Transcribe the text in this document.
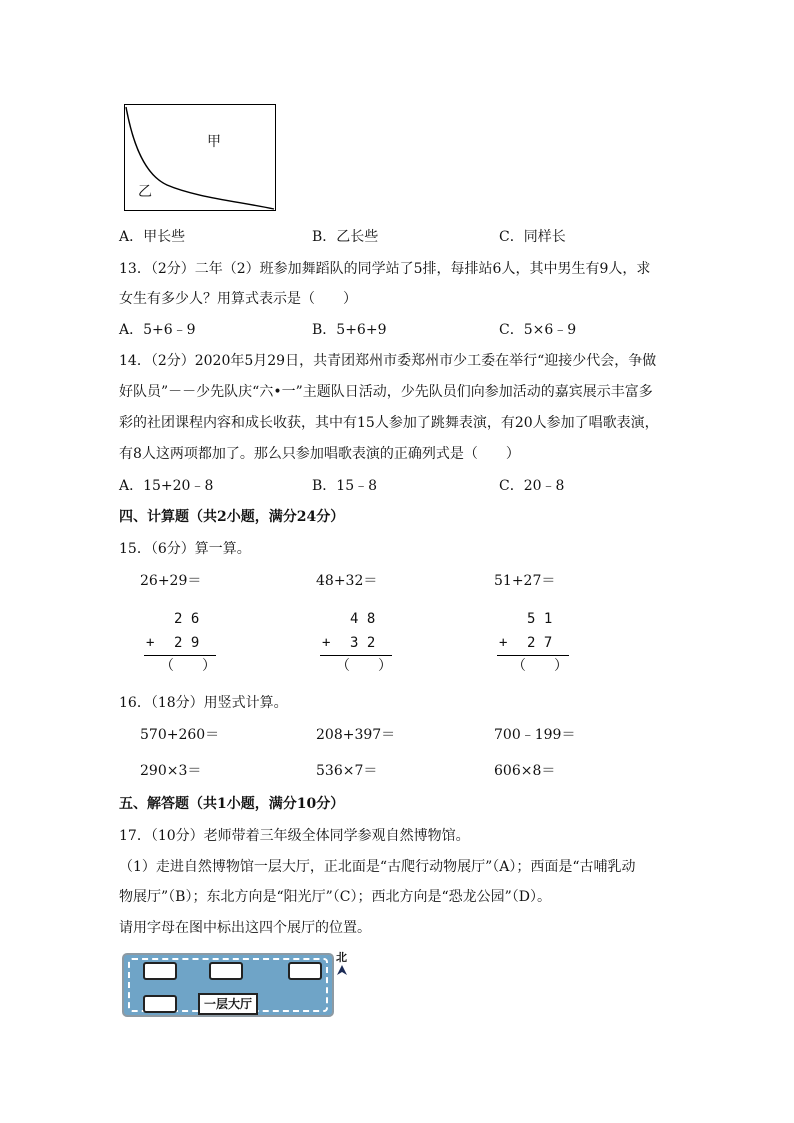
甲
乙
A．甲长些	B．乙长些	C．同样长
13．（2分）二年（2）班参加舞蹈队的同学站了5排，每排站6人，其中男生有9人，求
女生有多少人？用算式表示是（　　）
A．5+6﹣9	B．5+6+9	C．5×6﹣9
14．（2分）2020年5月29日，共青团郑州市委郑州市少工委在举行“迎接少代会，争做
好队员”－－少先队庆“六•一”主题队日活动，少先队员们向参加活动的嘉宾展示丰富多
彩的社团课程内容和成长收获，其中有15人参加了跳舞表演，有20人参加了唱歌表演，
有8人这两项都加了。那么只参加唱歌表演的正确列式是（　　）
A．15+20﹣8	B．15﹣8	C．20﹣8
四、计算题（共2小题，满分24分）
15．（6分）算一算。
26+29＝	48+32＝	51+27＝
2 6
+ 2 9
（　　）
4 8
+ 3 2
（　　）
5 1
+ 2 7
（　　）
16．（18分）用竖式计算。
570+260＝	208+397＝	700﹣199＝
290×3＝	536×7＝	606×8＝
五、解答题（共1小题，满分10分）
17．（10分）老师带着三年级全体同学参观自然博物馆。
（1）走进自然博物馆一层大厅，正北面是“古爬行动物展厅”（A）；西面是“古哺乳动
物展厅”（B）；东北方向是“阳光厅”（C）；西北方向是“恐龙公园”（D）。
请用字母在图中标出这四个展厅的位置。
一层大厅
北
